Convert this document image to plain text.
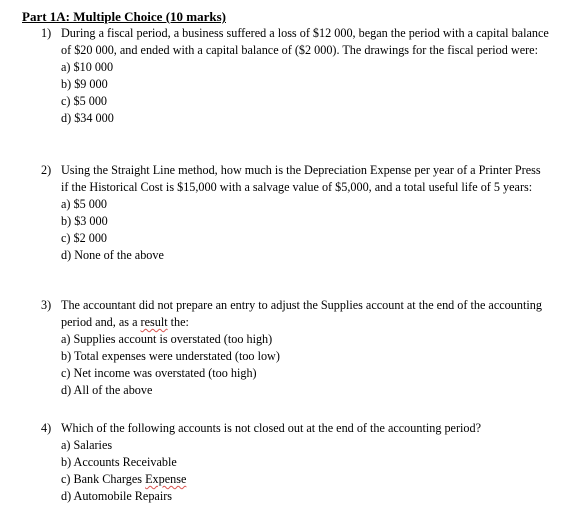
Part 1A: Multiple Choice (10 marks)
1) During a fiscal period, a business suffered a loss of $12 000, began the period with a capital balance of $20 000, and ended with a capital balance of ($2 000). The drawings for the fiscal period were:
a) $10 000
b) $9 000
c) $5 000
d) $34 000
2) Using the Straight Line method, how much is the Depreciation Expense per year of a Printer Press if the Historical Cost is $15,000 with a salvage value of $5,000, and a total useful life of 5 years:
a) $5 000
b) $3 000
c) $2 000
d) None of the above
3) The accountant did not prepare an entry to adjust the Supplies account at the end of the accounting period and, as a result the:
a) Supplies account is overstated (too high)
b) Total expenses were understated (too low)
c) Net income was overstated (too high)
d) All of the above
4) Which of the following accounts is not closed out at the end of the accounting period?
a) Salaries
b) Accounts Receivable
c) Bank Charges Expense
d) Automobile Repairs
